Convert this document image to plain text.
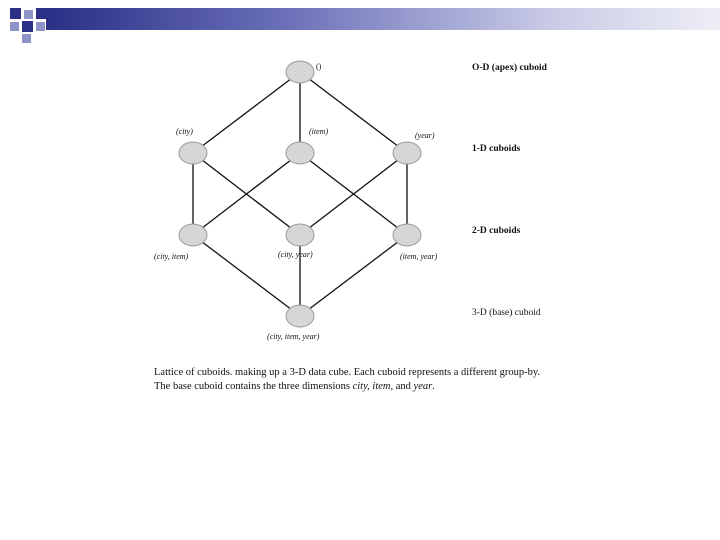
()
(city)	(item)	(year)
(city, item)	(city, year)	(item, year)
(city, item, year)
O-D (apex) cuboid
1-D cuboids
2-D cuboids
3-D (base) cuboid
Lattice of cuboids. making up a 3-D data cube. Each cuboid represents a different group-by.
The base cuboid contains the three dimensions city, item, and year.
